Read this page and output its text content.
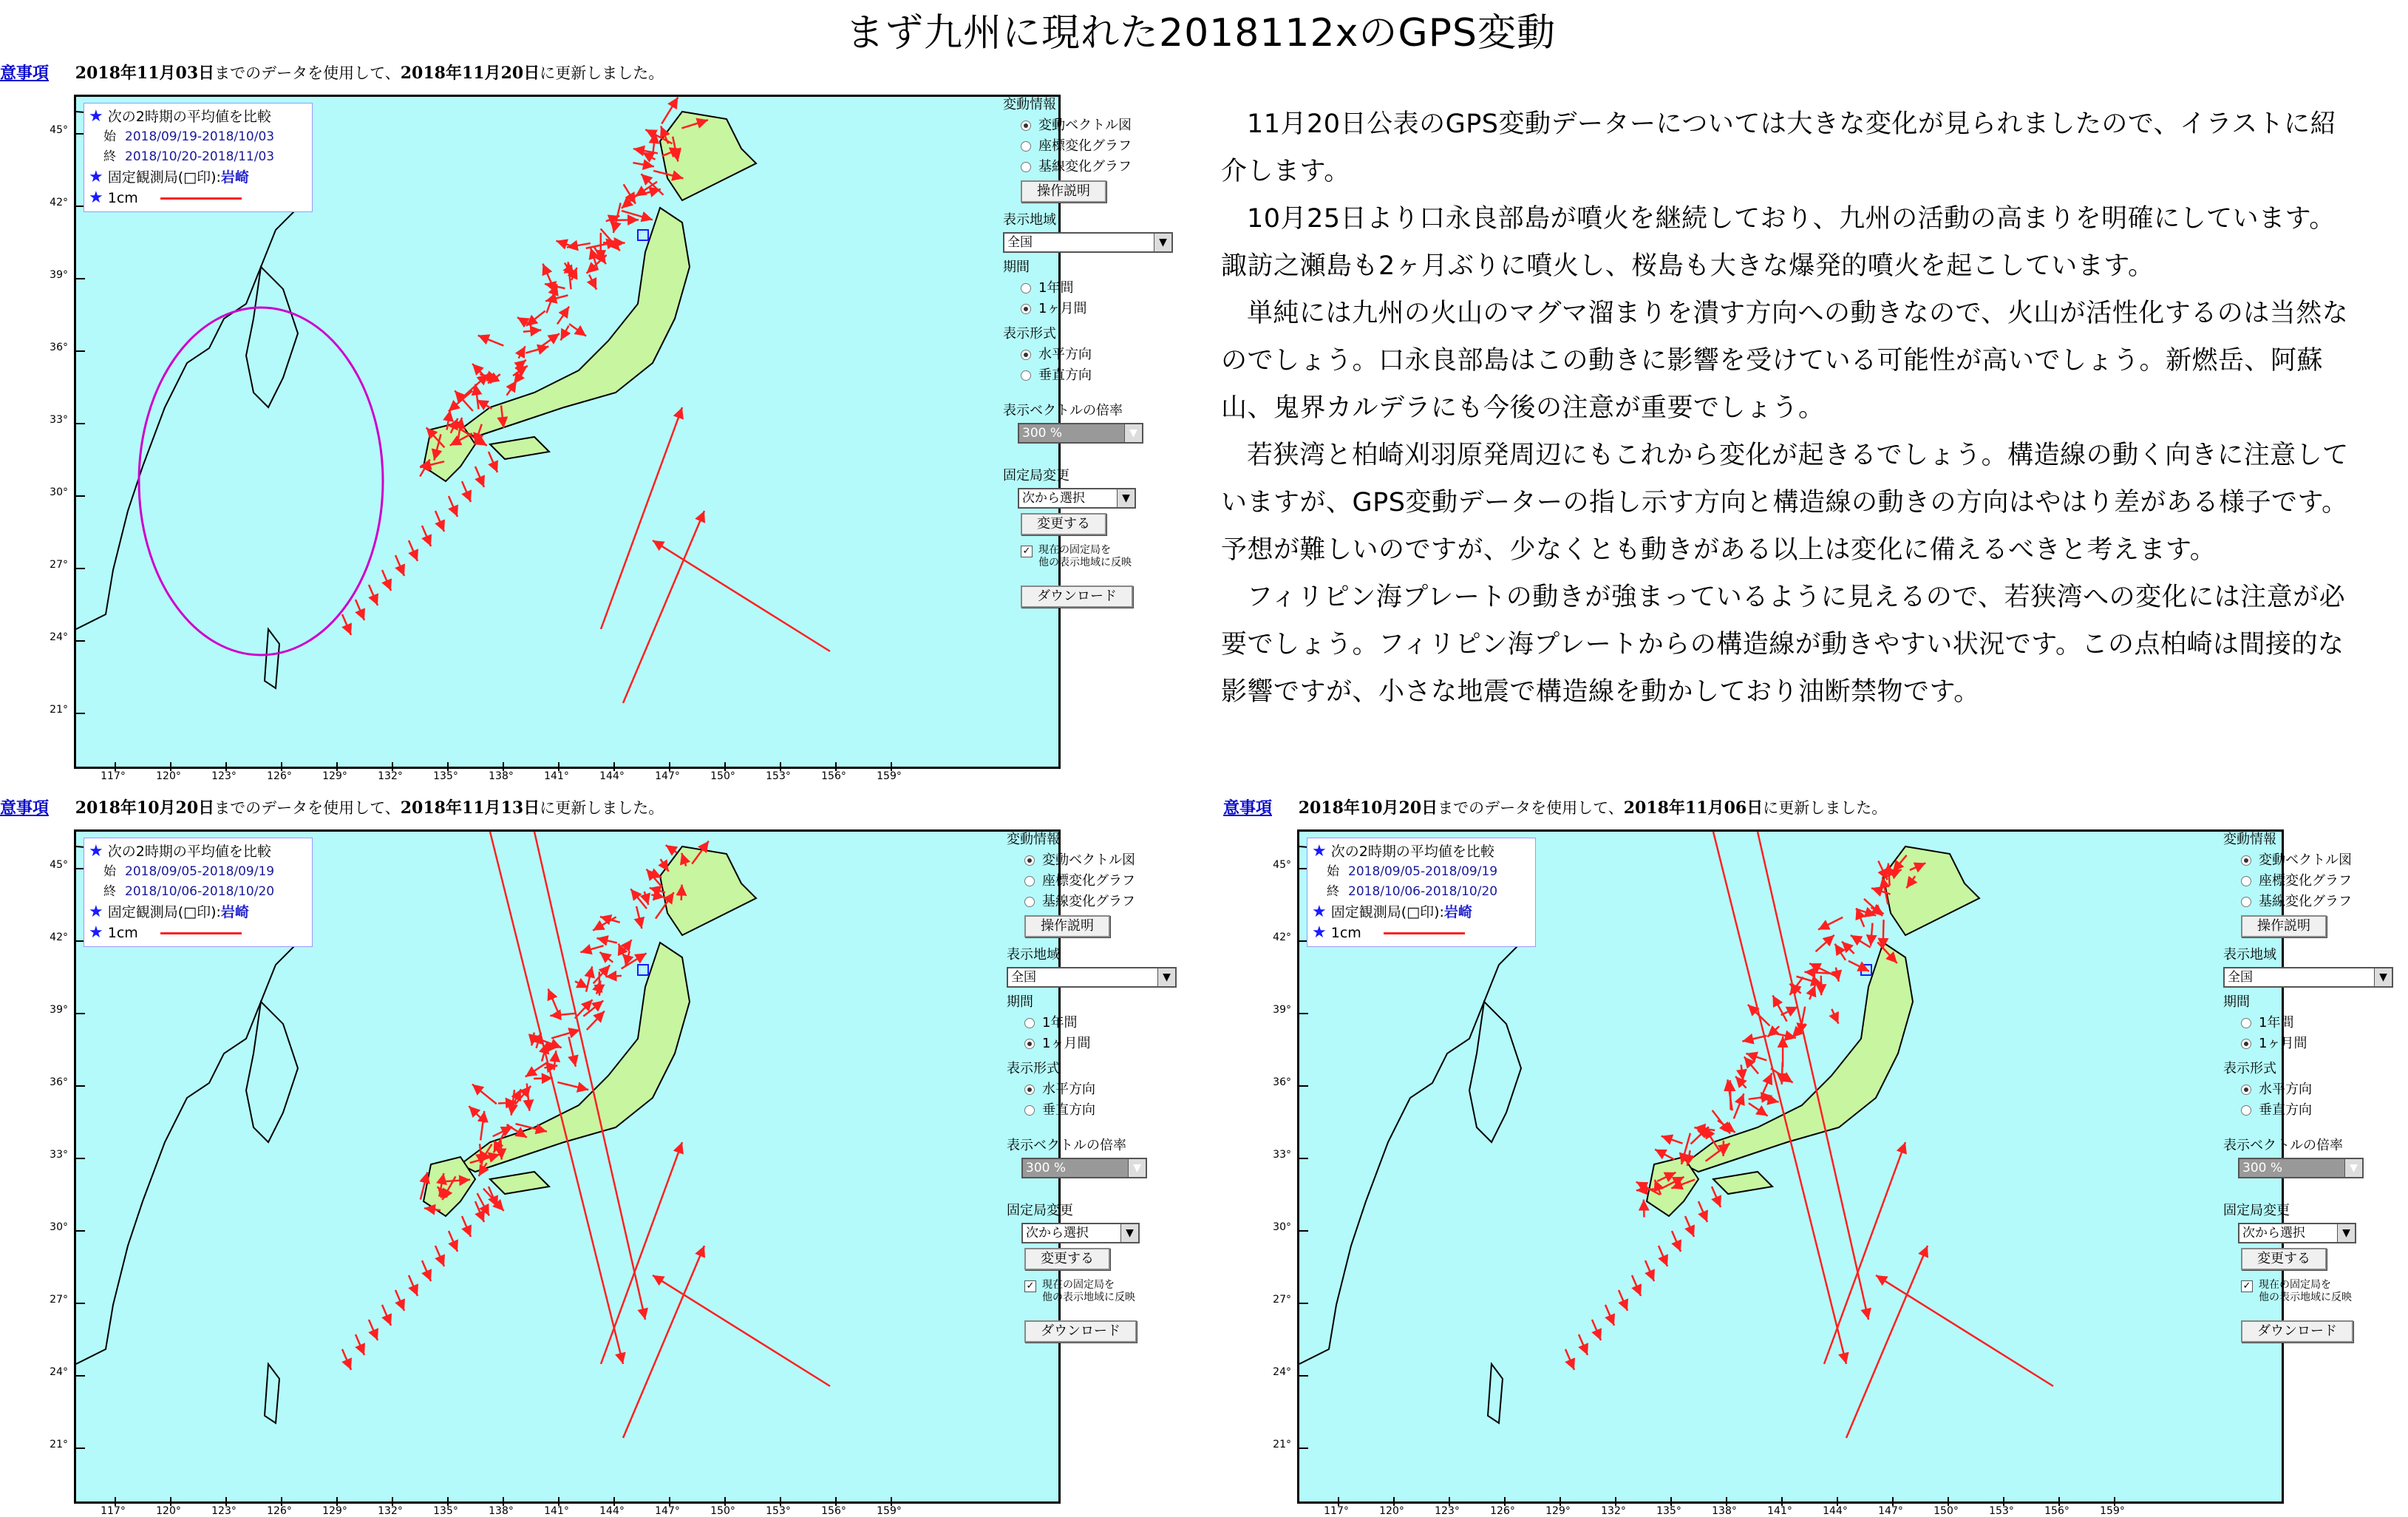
まず九州に現れた2018112xのGPS変動
意事項 2018年11月03日までのデータを使用して、2018年11月20日に更新しました。
★ 次の2時期の平均値を比較
始 2018/09/19-2018/10/03
終 2018/10/20-2018/11/03
★ 固定観測局(□印):岩崎
★ 1cm
45°
42°
39°
36°
33°
30°
27°
24°
21°
117°	120°	123°	126°	129°	132°	135°	138°	141°	144°	147°	150°	153°	156°	159°
変動情報
変動ベクトル図
座標変化グラフ
基線変化グラフ
操作説明
表示地域
全国	▼
期間
1年間
1ヶ月間
表示形式
水平方向
垂直方向
表示ベクトルの倍率
300 %	▼
固定局変更
次から選択	▼
変更する
✓ 現在の固定局を
他の表示地域に反映
ダウンロード
意事項 2018年10月20日までのデータを使用して、2018年11月13日に更新しました。
★ 次の2時期の平均値を比較
始 2018/09/05-2018/09/19
終 2018/10/06-2018/10/20
★ 固定観測局(□印):岩崎
★ 1cm
45°
42°
39°
36°
33°
30°
27°
24°
21°
117°	120°	123°	126°	129°	132°	135°	138°	141°	144°	147°	150°	153°	156°	159°
変動情報
変動ベクトル図
座標変化グラフ
基線変化グラフ
操作説明
表示地域
全国	▼
期間
1年間
1ヶ月間
表示形式
水平方向
垂直方向
表示ベクトルの倍率
300 %	▼
固定局変更
次から選択	▼
変更する
✓ 現在の固定局を
他の表示地域に反映
ダウンロード
意事項 2018年10月20日までのデータを使用して、2018年11月06日に更新しました。
★ 次の2時期の平均値を比較
始 2018/09/05-2018/09/19
終 2018/10/06-2018/10/20
★ 固定観測局(□印):岩崎
★ 1cm
45°
42°
39°
36°
33°
30°
27°
24°
21°
117°	120°	123°	126°	129°	132°	135°	138°	141°	144°	147°	150°	153°	156°	159°
変動情報
変動ベクトル図
座標変化グラフ
基線変化グラフ
操作説明
表示地域
全国	▼
期間
1年間
1ヶ月間
表示形式
水平方向
垂直方向
表示ベクトルの倍率
300 %	▼
固定局変更
次から選択	▼
変更する
✓ 現在の固定局を
他の表示地域に反映
ダウンロード

11月20日公表のGPS変動データーについては大きな変化が見られましたので、イラストに紹介します。

10月25日より口永良部島が噴火を継続しており、九州の活動の高まりを明確にしています。諏訪之瀬島も2ヶ月ぶりに噴火し、桜島も大きな爆発的噴火を起こしています。

単純には九州の火山のマグマ溜まりを潰す方向への動きなので、火山が活性化するのは当然なのでしょう。口永良部島はこの動きに影響を受けている可能性が高いでしょう。新燃岳、阿蘇山、鬼界カルデラにも今後の注意が重要でしょう。

若狭湾と柏崎刈羽原発周辺にもこれから変化が起きるでしょう。構造線の動く向きに注意していますが、GPS変動データーの指し示す方向と構造線の動きの方向はやはり差がある様子です。予想が難しいのですが、少なくとも動きがある以上は変化に備えるべきと考えます。

フィリピン海プレートの動きが強まっているように見えるので、若狭湾への変化には注意が必要でしょう。フィリピン海プレートからの構造線が動きやすい状況です。この点柏崎は間接的な影響ですが、小さな地震で構造線を動かしており油断禁物です。
